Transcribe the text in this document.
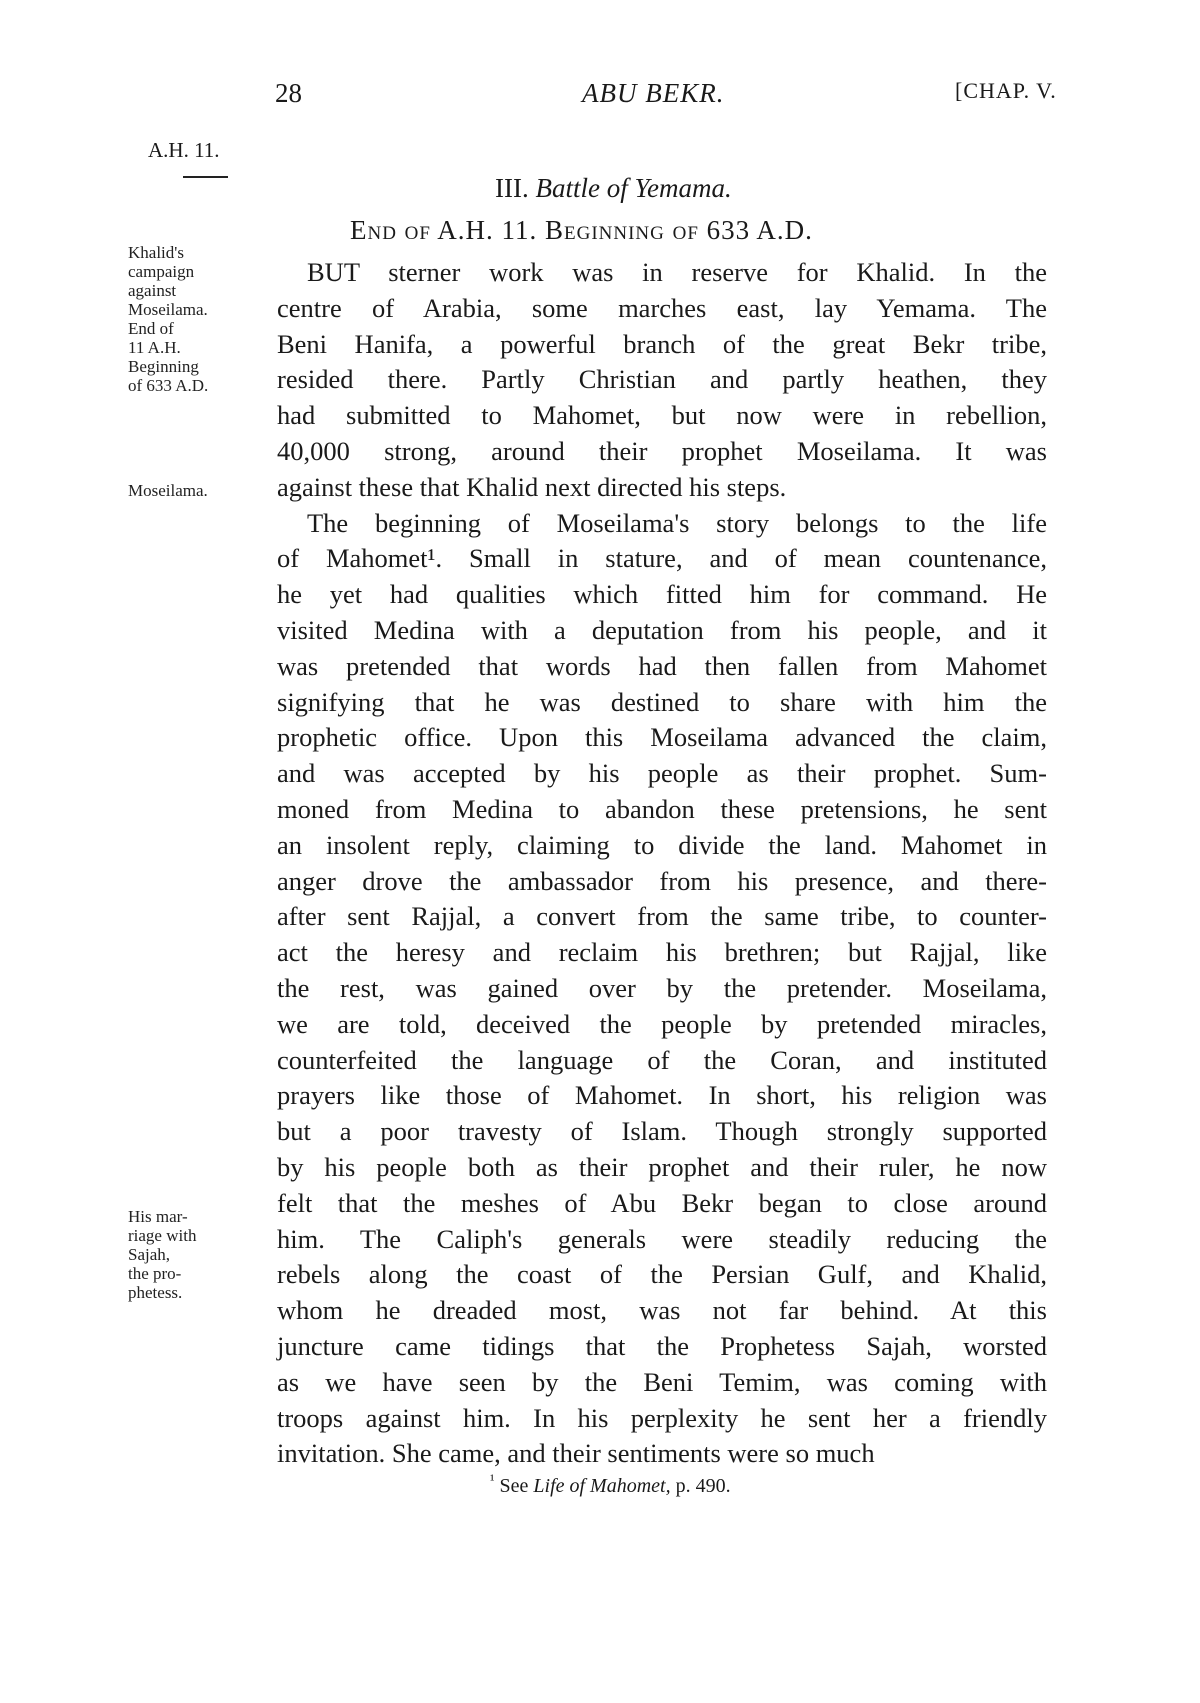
28	ABU BEKR.	[CHAP. V.
A.H. 11.
III. Battle of Yemama.
End of A.H. 11. Beginning of 633 A.D.
Khalid's
campaign
against
Moseilama.
End of
11 A.H.
Beginning
of 633 A.D.
Moseilama.
His mar-
riage with
Sajah,
the pro-
phetess.
BUT sterner work was in reserve for Khalid. In the
centre of Arabia, some marches east, lay Yemama. The
Beni Hanifa, a powerful branch of the great Bekr tribe,
resided there. Partly Christian and partly heathen, they
had submitted to Mahomet, but now were in rebellion,
40,000 strong, around their prophet Moseilama. It was
against these that Khalid next directed his steps.
The beginning of Moseilama's story belongs to the life
of Mahomet¹. Small in stature, and of mean countenance,
he yet had qualities which fitted him for command. He
visited Medina with a deputation from his people, and it
was pretended that words had then fallen from Mahomet
signifying that he was destined to share with him the
prophetic office. Upon this Moseilama advanced the claim,
and was accepted by his people as their prophet. Sum-
moned from Medina to abandon these pretensions, he sent
an insolent reply, claiming to divide the land. Mahomet in
anger drove the ambassador from his presence, and there-
after sent Rajjal, a convert from the same tribe, to counter-
act the heresy and reclaim his brethren; but Rajjal, like
the rest, was gained over by the pretender. Moseilama,
we are told, deceived the people by pretended miracles,
counterfeited the language of the Coran, and instituted
prayers like those of Mahomet. In short, his religion was
but a poor travesty of Islam. Though strongly supported
by his people both as their prophet and their ruler, he now
felt that the meshes of Abu Bekr began to close around
him. The Caliph's generals were steadily reducing the
rebels along the coast of the Persian Gulf, and Khalid,
whom he dreaded most, was not far behind. At this
juncture came tidings that the Prophetess Sajah, worsted
as we have seen by the Beni Temim, was coming with
troops against him. In his perplexity he sent her a friendly
invitation. She came, and their sentiments were so much
$^{^1}$ See Life of Mahomet, p. 490.
